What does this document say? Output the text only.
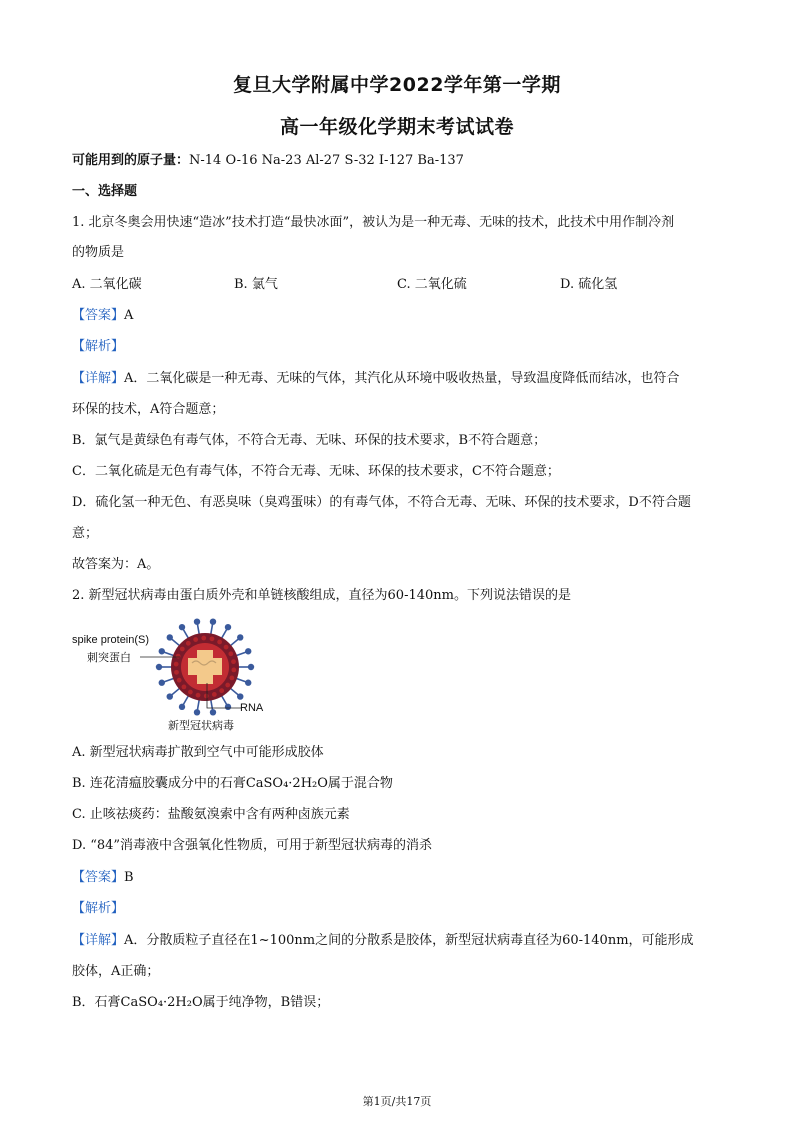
复旦大学附属中学2022学年第一学期
高一年级化学期末考试试卷
可能用到的原子量：N-14 O-16 Na-23 Al-27 S-32 I-127 Ba-137
一、选择题
1. 北京冬奥会用快速“造冰”技术打造“最快冰面”，被认为是一种无毒、无味的技术，此技术中用作制冷剂
的物质是
A. 二氧化碳	B. 氯气	C. 二氧化硫	D. 硫化氢
【答案】A
【解析】
【详解】A．二氧化碳是一种无毒、无味的气体，其汽化从环境中吸收热量，导致温度降低而结冰，也符合
环保的技术，A符合题意；
B．氯气是黄绿色有毒气体，不符合无毒、无味、环保的技术要求，B不符合题意；
C．二氧化硫是无色有毒气体，不符合无毒、无味、环保的技术要求，C不符合题意；
D．硫化氢一种无色、有恶臭味（臭鸡蛋味）的有毒气体，不符合无毒、无味、环保的技术要求，D不符合题
意；
故答案为：A。
2. 新型冠状病毒由蛋白质外壳和单链核酸组成，直径为60-140nm。下列说法错误的是
spike protein(S)
刺突蛋白
RNA
新型冠状病毒
A. 新型冠状病毒扩散到空气中可能形成胶体
B. 连花清瘟胶囊成分中的石膏CaSO₄·2H₂O属于混合物
C. 止咳祛痰药：盐酸氨溴索中含有两种卤族元素
D. “84”消毒液中含强氧化性物质，可用于新型冠状病毒的消杀
【答案】B
【解析】
【详解】A．分散质粒子直径在1~100nm之间的分散系是胶体，新型冠状病毒直径为60-140nm，可能形成
胶体，A正确；
B．石膏CaSO₄·2H₂O属于纯净物，B错误；
第1页/共17页
